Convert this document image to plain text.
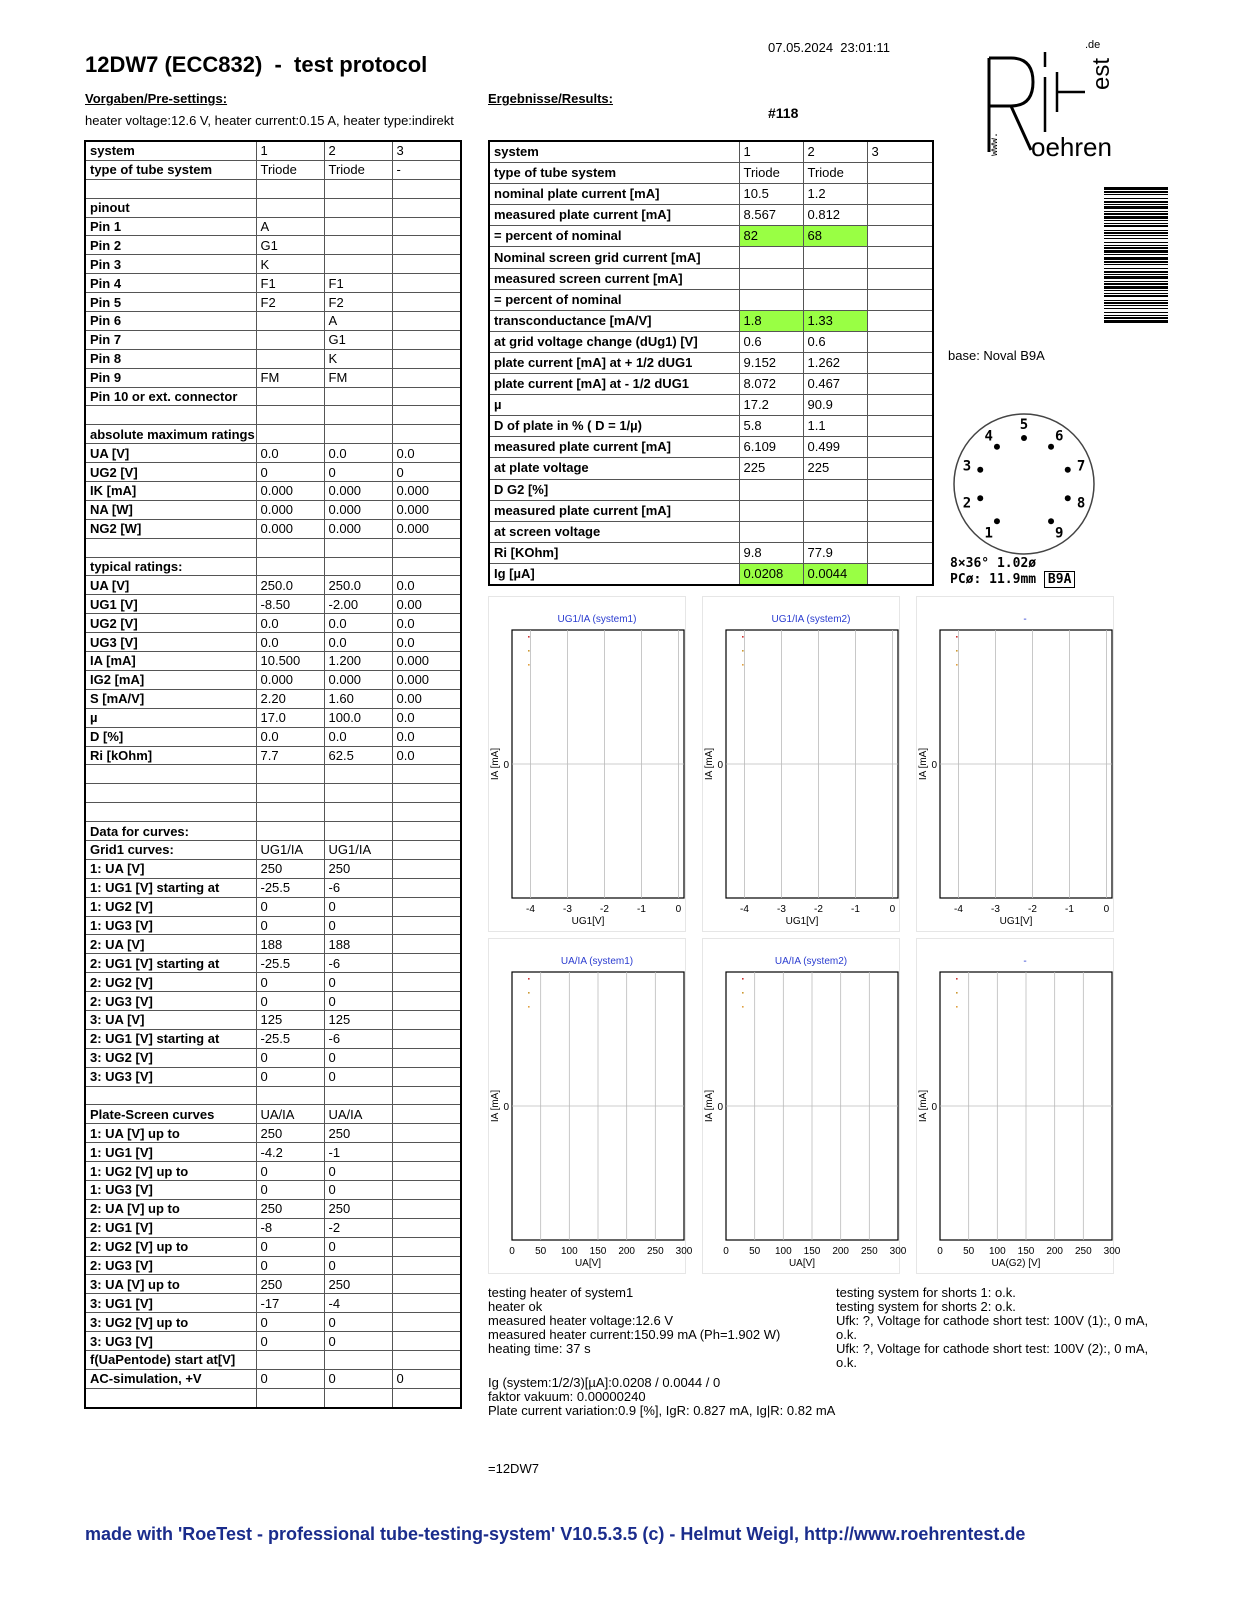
12DW7 (ECC832)  -  test protocol
07.05.2024  23:01:11
Vorgaben/Pre-settings:
heater voltage:12.6 V, heater current:0.15 A, heater type:indirekt
Ergebnisse/Results:
#118
.de
est
www. oehren
system	1	2	3
type of tube system	Triode	Triode	-

pinout			
Pin 1	A		
Pin 2	G1		
Pin 3	K		
Pin 4	F1	F1	
Pin 5	F2	F2	
Pin 6		A	
Pin 7		G1	
Pin 8		K	
Pin 9	FM	FM	
Pin 10 or ext. connector			

absolute maximum ratings			
UA [V]	0.0	0.0	0.0
UG2 [V]	0	0	0
IK [mA]	0.000	0.000	0.000
NA [W]	0.000	0.000	0.000
NG2 [W]	0.000	0.000	0.000

typical ratings:			
UA [V]	250.0	250.0	0.0
UG1 [V]	-8.50	-2.00	0.00
UG2 [V]	0.0	0.0	0.0
UG3 [V]	0.0	0.0	0.0
IA [mA]	10.500	1.200	0.000
IG2 [mA]	0.000	0.000	0.000
S [mA/V]	2.20	1.60	0.00
µ	17.0	100.0	0.0
D [%]	0.0	0.0	0.0
Ri [kOhm]	7.7	62.5	0.0

Data for curves:			
Grid1 curves:	UG1/IA	UG1/IA	
1: UA [V]	250	250	
1: UG1 [V] starting at	-25.5	-6	
1: UG2 [V]	0	0	
1: UG3 [V]	0	0	
2: UA [V]	188	188	
2: UG1 [V] starting at	-25.5	-6	
2: UG2 [V]	0	0	
2: UG3 [V]	0	0	
3: UA [V]	125	125	
2: UG1 [V] starting at	-25.5	-6	
3: UG2 [V]	0	0	
3: UG3 [V]	0	0	

Plate-Screen curves	UA/IA	UA/IA	
1: UA [V] up to	250	250	
1: UG1 [V]	-4.2	-1	
1: UG2 [V] up to	0	0	
1: UG3 [V]	0	0	
2: UA [V] up to	250	250	
2: UG1 [V]	-8	-2	
2: UG2 [V] up to	0	0	
2: UG3 [V]	0	0	
3: UA [V] up to	250	250	
3: UG1 [V]	-17	-4	
3: UG2 [V] up to	0	0	
3: UG3 [V]	0	0	
f(UaPentode) start at[V]			
AC-simulation, +V	0	0	0

system	1	2	3
type of tube system	Triode	Triode	
nominal plate current [mA]	10.5	1.2	
measured plate current [mA]	8.567	0.812	
= percent of nominal	82	68	
Nominal screen grid current [mA]			
measured screen current [mA]			
= percent of nominal			
transconductance [mA/V]	1.8	1.33	
at grid voltage change (dUg1) [V]	0.6	0.6	
plate current [mA] at + 1/2 dUG1	9.152	1.262	
plate current [mA] at - 1/2 dUG1	8.072	0.467	
µ	17.2	90.9	
D of plate in % ( D = 1/µ)	5.8	1.1	
measured plate current [mA]	6.109	0.499	
at plate voltage	225	225	
D G2 [%]			
measured plate current [mA]			
at screen voltage			
Ri [KOhm]	9.8	77.9	
Ig [µA]	0.0208	0.0044	
base: Noval B9A
1
2
3
4
5
6
7
8
9
8×36° 1.02ø
PCø: 11.9mm B9A
UG1/IA (system1)
-4	-3	-2	-1	0
0
IA [mA]
UG1[V]
UG1/IA (system2)
-4	-3	-2	-1	0
0
IA [mA]
UG1[V]
-
-4	-3	-2	-1	0
0
IA [mA]
UG1[V]
UA/IA (system1)
0 50 100 150 200 250 300
0
IA [mA]
UA[V]
UA/IA (system2)
0 50 100 150 200 250 300
0
IA [mA]
UA[V]
-
0 50 100 150 200 250 300
0
IA [mA]
UA(G2) [V]
testing heater of system1
heater ok
measured heater voltage:12.6 V
measured heater current:150.99 mA (Ph=1.902 W)
heating time: 37 s
testing system for shorts 1: o.k.
testing system for shorts 2: o.k.
Ufk: ?, Voltage for cathode short test: 100V (1):, 0 mA,
o.k.
Ufk: ?, Voltage for cathode short test: 100V (2):, 0 mA,
o.k.
Ig (system:1/2/3)[µA]:0.0208 / 0.0044 / 0
faktor vakuum: 0.00000240
Plate current variation:0.9 [%], IgR: 0.827 mA, Ig|R: 0.82 mA
=12DW7
made with 'RoeTest - professional tube-testing-system' V10.5.3.5 (c) - Helmut Weigl, http://www.roehrentest.de
